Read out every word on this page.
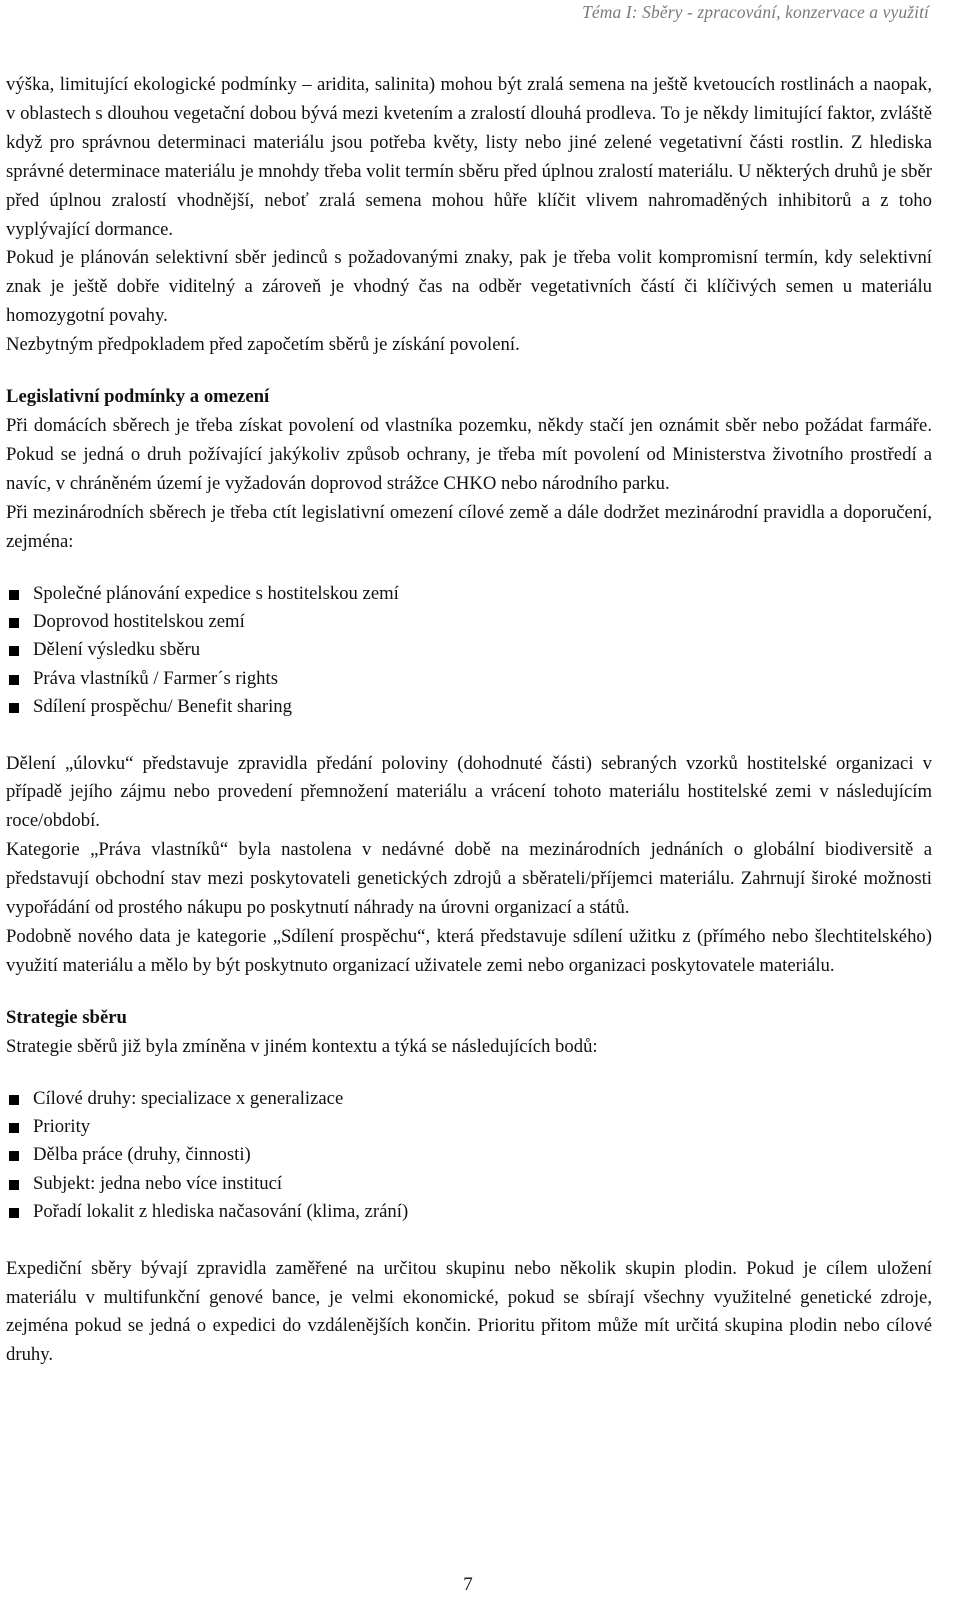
Téma I: Sběry - zpracování, konzervace a využití

výška, limitující ekologické podmínky – aridita, salinita) mohou být zralá semena na ještě kvetoucích rostlinách a naopak, v oblastech s dlouhou vegetační dobou bývá mezi kvetením a zralostí dlouhá prodleva. To je někdy limitující faktor, zvláště když pro správnou determinaci materiálu jsou potřeba květy, listy nebo jiné zelené vegetativní části rostlin. Z hlediska správné determinace materiálu je mnohdy třeba volit termín sběru před úplnou zralostí materiálu. U některých druhů je sběr před úplnou zralostí vhodnější, neboť zralá semena mohou hůře klíčit vlivem nahromaděných inhibitorů a z toho vyplývající dormance.

Pokud je plánován selektivní sběr jedinců s požadovanými znaky, pak je třeba volit kompromisní termín, kdy selektivní znak je ještě dobře viditelný a zároveň je vhodný čas na odběr vegetativních částí či klíčivých semen u materiálu homozygotní povahy.

Nezbytným předpokladem před započetím sběrů je získání povolení.

Legislativní podmínky a omezení

Při domácích sběrech je třeba získat povolení od vlastníka pozemku, někdy stačí jen oznámit sběr nebo požádat farmáře. Pokud se jedná o druh požívající jakýkoliv způsob ochrany, je třeba mít povolení od Ministerstva životního prostředí a navíc, v chráněném území je vyžadován doprovod strážce CHKO nebo národního parku.

Při mezinárodních sběrech je třeba ctít legislativní omezení cílové země a dále dodržet mezinárodní pravidla a doporučení, zejména:

Společné plánování expedice s hostitelskou zemí
Doprovod hostitelskou zemí
Dělení výsledku sběru
Práva vlastníků / Farmer´s rights
Sdílení prospěchu/ Benefit sharing

Dělení „úlovku“ představuje zpravidla předání poloviny (dohodnuté části) sebraných vzorků hostitelské organizaci v případě jejího zájmu nebo provedení přemnožení materiálu a vrácení tohoto materiálu hostitelské zemi v následujícím roce/období.

Kategorie „Práva vlastníků“ byla nastolena v nedávné době na mezinárodních jednáních o globální biodiversitě a představují obchodní stav mezi poskytovateli genetických zdrojů a sběrateli/příjemci materiálu. Zahrnují široké možnosti vypořádání od prostého nákupu po poskytnutí náhrady na úrovni organizací a států.

Podobně nového data je kategorie „Sdílení prospěchu“, která představuje sdílení užitku z (přímého nebo šlechtitelského) využití materiálu a mělo by být poskytnuto organizací uživatele zemi nebo organizaci poskytovatele materiálu.

Strategie sběru

Strategie sběrů již byla zmíněna v jiném kontextu a týká se následujících bodů:

Cílové druhy: specializace x generalizace
Priority
Dělba práce (druhy, činnosti)
Subjekt: jedna nebo více institucí
Pořadí lokalit z hlediska načasování (klima, zrání)

Expediční sběry bývají zpravidla zaměřené na určitou skupinu nebo několik skupin plodin. Pokud je cílem uložení materiálu v multifunkční genové bance, je velmi ekonomické, pokud se sbírají všechny využitelné genetické zdroje, zejména pokud se jedná o expedici do vzdálenějších končin. Prioritu přitom může mít určitá skupina plodin nebo cílové druhy.

7
